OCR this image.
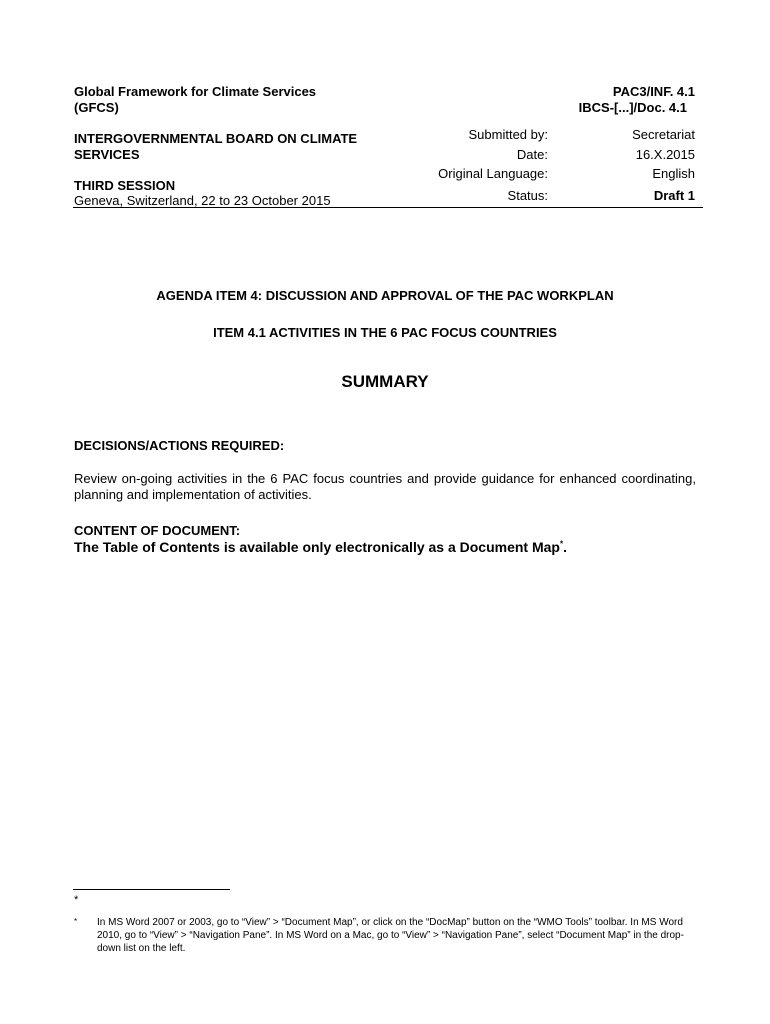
Global Framework for Climate Services
(GFCS)
PAC3/INF. 4.1
IBCS-[...]/Doc. 4.1
INTERGOVERNMENTAL BOARD ON CLIMATE
SERVICES
THIRD SESSION
Geneva, Switzerland, 22 to 23 October 2015
Submitted by:
Date:
Original Language:
Status:
Secretariat
16.X.2015
English
Draft 1
AGENDA ITEM 4: DISCUSSION AND APPROVAL OF THE PAC WORKPLAN
ITEM 4.1 ACTIVITIES IN THE 6 PAC FOCUS COUNTRIES
SUMMARY
DECISIONS/ACTIONS REQUIRED:
Review on-going activities in the 6 PAC focus countries and provide guidance for enhanced coordinating, planning and implementation of activities.
CONTENT OF DOCUMENT:
The Table of Contents is available only electronically as a Document Map*.
*
* In MS Word 2007 or 2003, go to “View” > “Document Map”, or click on the “DocMap” button on the “WMO Tools” toolbar. In MS Word 2010, go to “View” > “Navigation Pane”. In MS Word on a Mac, go to “View” > “Navigation Pane”, select “Document Map” in the drop-down list on the left.
